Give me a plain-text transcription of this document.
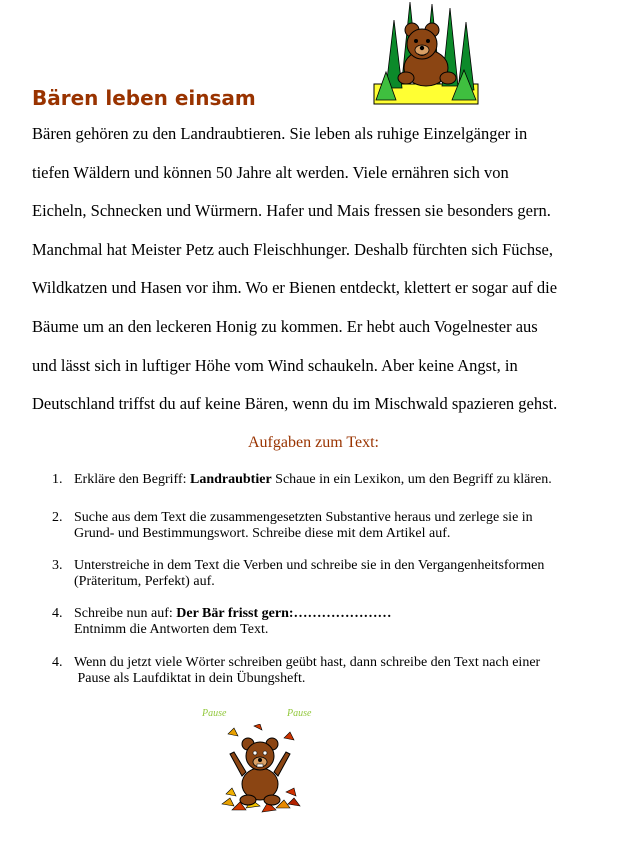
Bären leben einsam
Bären gehören zu den Landraubtieren. Sie leben als ruhige Einzelgänger in
tiefen Wäldern und können 50 Jahre alt werden. Viele ernähren sich von
Eicheln, Schnecken und Würmern. Hafer und Mais fressen sie besonders gern.
Manchmal hat Meister Petz auch Fleischhunger. Deshalb fürchten sich Füchse,
Wildkatzen und Hasen vor ihm. Wo er Bienen entdeckt, klettert er sogar auf die
Bäume um an den leckeren Honig zu kommen. Er hebt auch Vogelnester aus
und lässt sich in luftiger Höhe vom Wind schaukeln. Aber keine Angst, in
Deutschland triffst du auf keine Bären, wenn du im Mischwald spazieren gehst.
Aufgaben zum Text:
1. Erkläre den Begriff: Landraubtier Schaue in ein Lexikon, um den Begriff zu klären.
2. Suche aus dem Text die zusammengesetzten Substantive heraus und zerlege sie in
Grund- und Bestimmungswort. Schreibe diese mit dem Artikel auf.
3. Unterstreiche in dem Text die Verben und schreibe sie in den Vergangenheitsformen
(Präteritum, Perfekt) auf.
4. Schreibe nun auf: Der Bär frisst gern:…………………
Entnimm die Antworten dem Text.
4. Wenn du jetzt viele Wörter schreiben geübt hast, dann schreibe den Text nach einer
Pause als Laufdiktat in dein Übungsheft.
Pause	Pause
